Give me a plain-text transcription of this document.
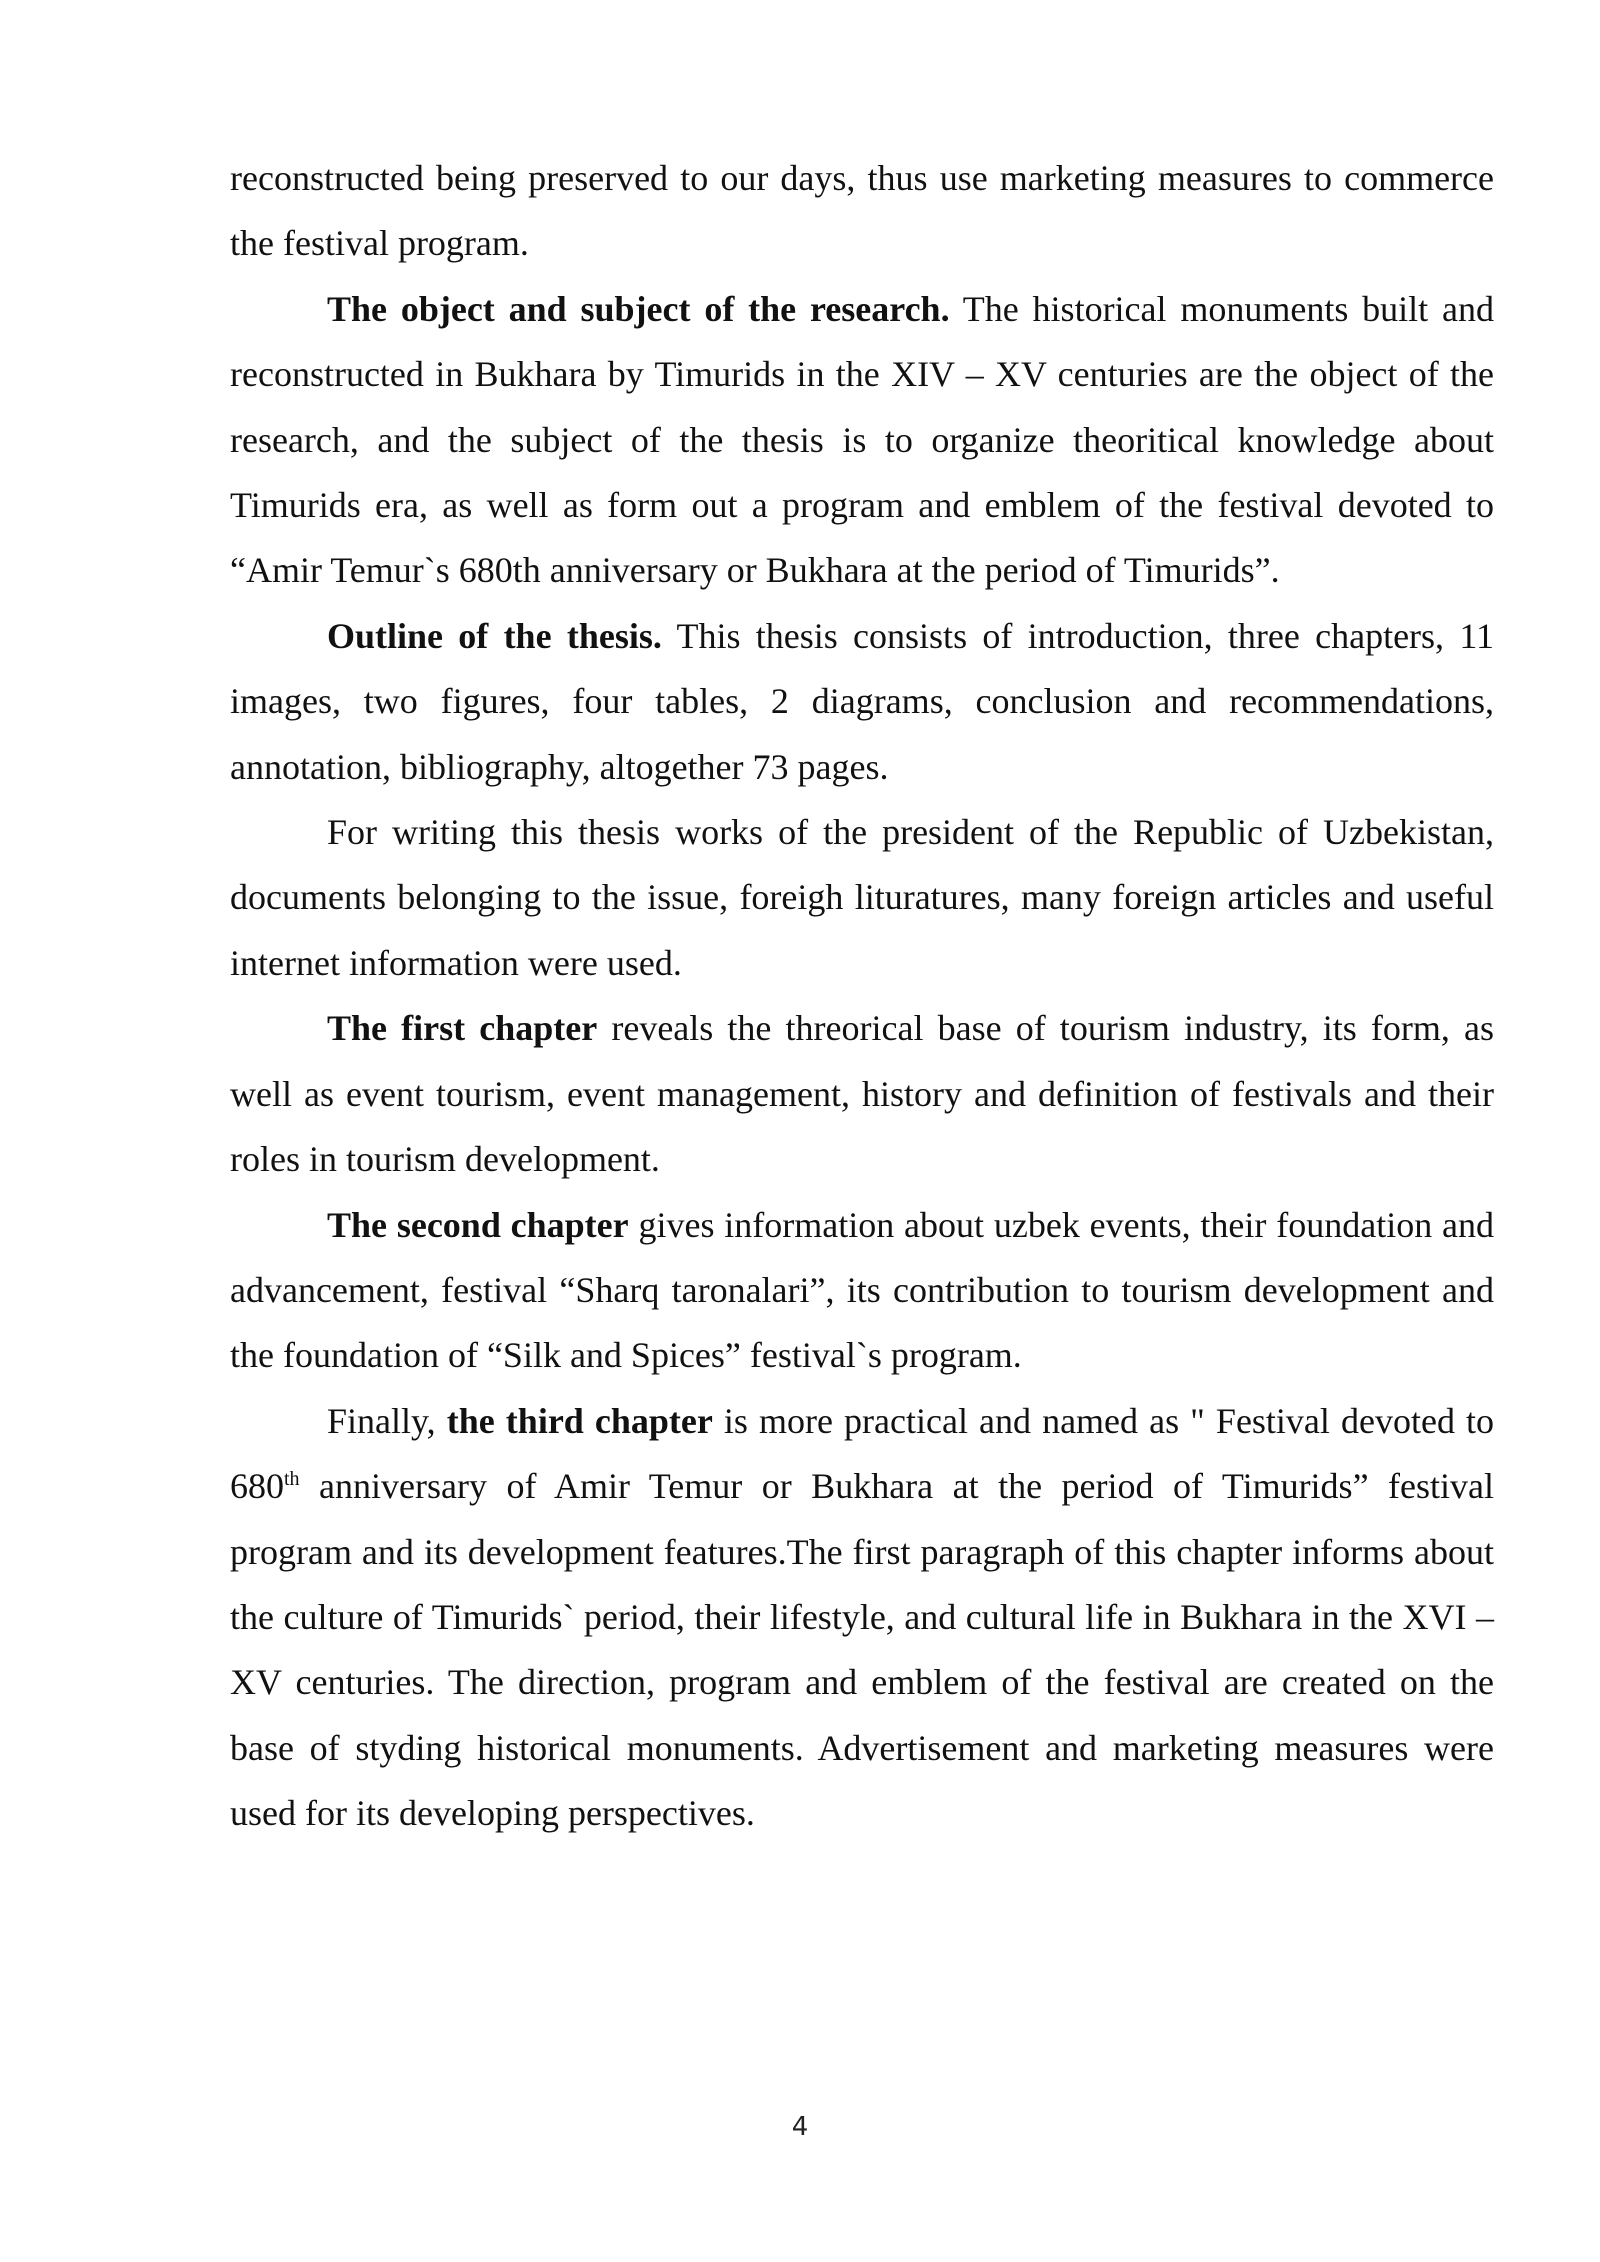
reconstructed being preserved to our days, thus use marketing measures to commerce the festival program.

The object and subject of the research. The historical monuments built and reconstructed in Bukhara by Timurids in the XIV – XV centuries are the object of the research, and the subject of the thesis is to organize theoritical knowledge about Timurids era, as well as form out a program and emblem of the festival devoted to “Amir Temur`s 680th anniversary or Bukhara at the period of Timurids”.

Outline of the thesis. This thesis consists of introduction, three chapters, 11 images, two figures, four tables, 2 diagrams, conclusion and recommendations, annotation, bibliography, altogether 73 pages.

For writing this thesis works of the president of the Republic of Uzbekistan, documents belonging to the issue, foreigh lituratures, many foreign articles and useful internet information were used.

The first chapter reveals the threorical base of tourism industry, its form, as well as event tourism, event management, history and definition of festivals and their roles in tourism development.

The second chapter gives information about uzbek events, their foundation and advancement, festival “Sharq taronalari”, its contribution to tourism development and the foundation of “Silk and Spices” festival`s program.

Finally, the third chapter is more practical and named as " Festival devoted to 680th anniversary of Amir Temur or Bukhara at the period of Timurids” festival program and its development features.The first paragraph of this chapter informs about the culture of Timurids` period, their lifestyle, and cultural life in Bukhara in the XVI – XV centuries. The direction, program and emblem of the festival are created on the base of styding historical monuments. Advertisement and marketing measures were used for its developing perspectives.

4
